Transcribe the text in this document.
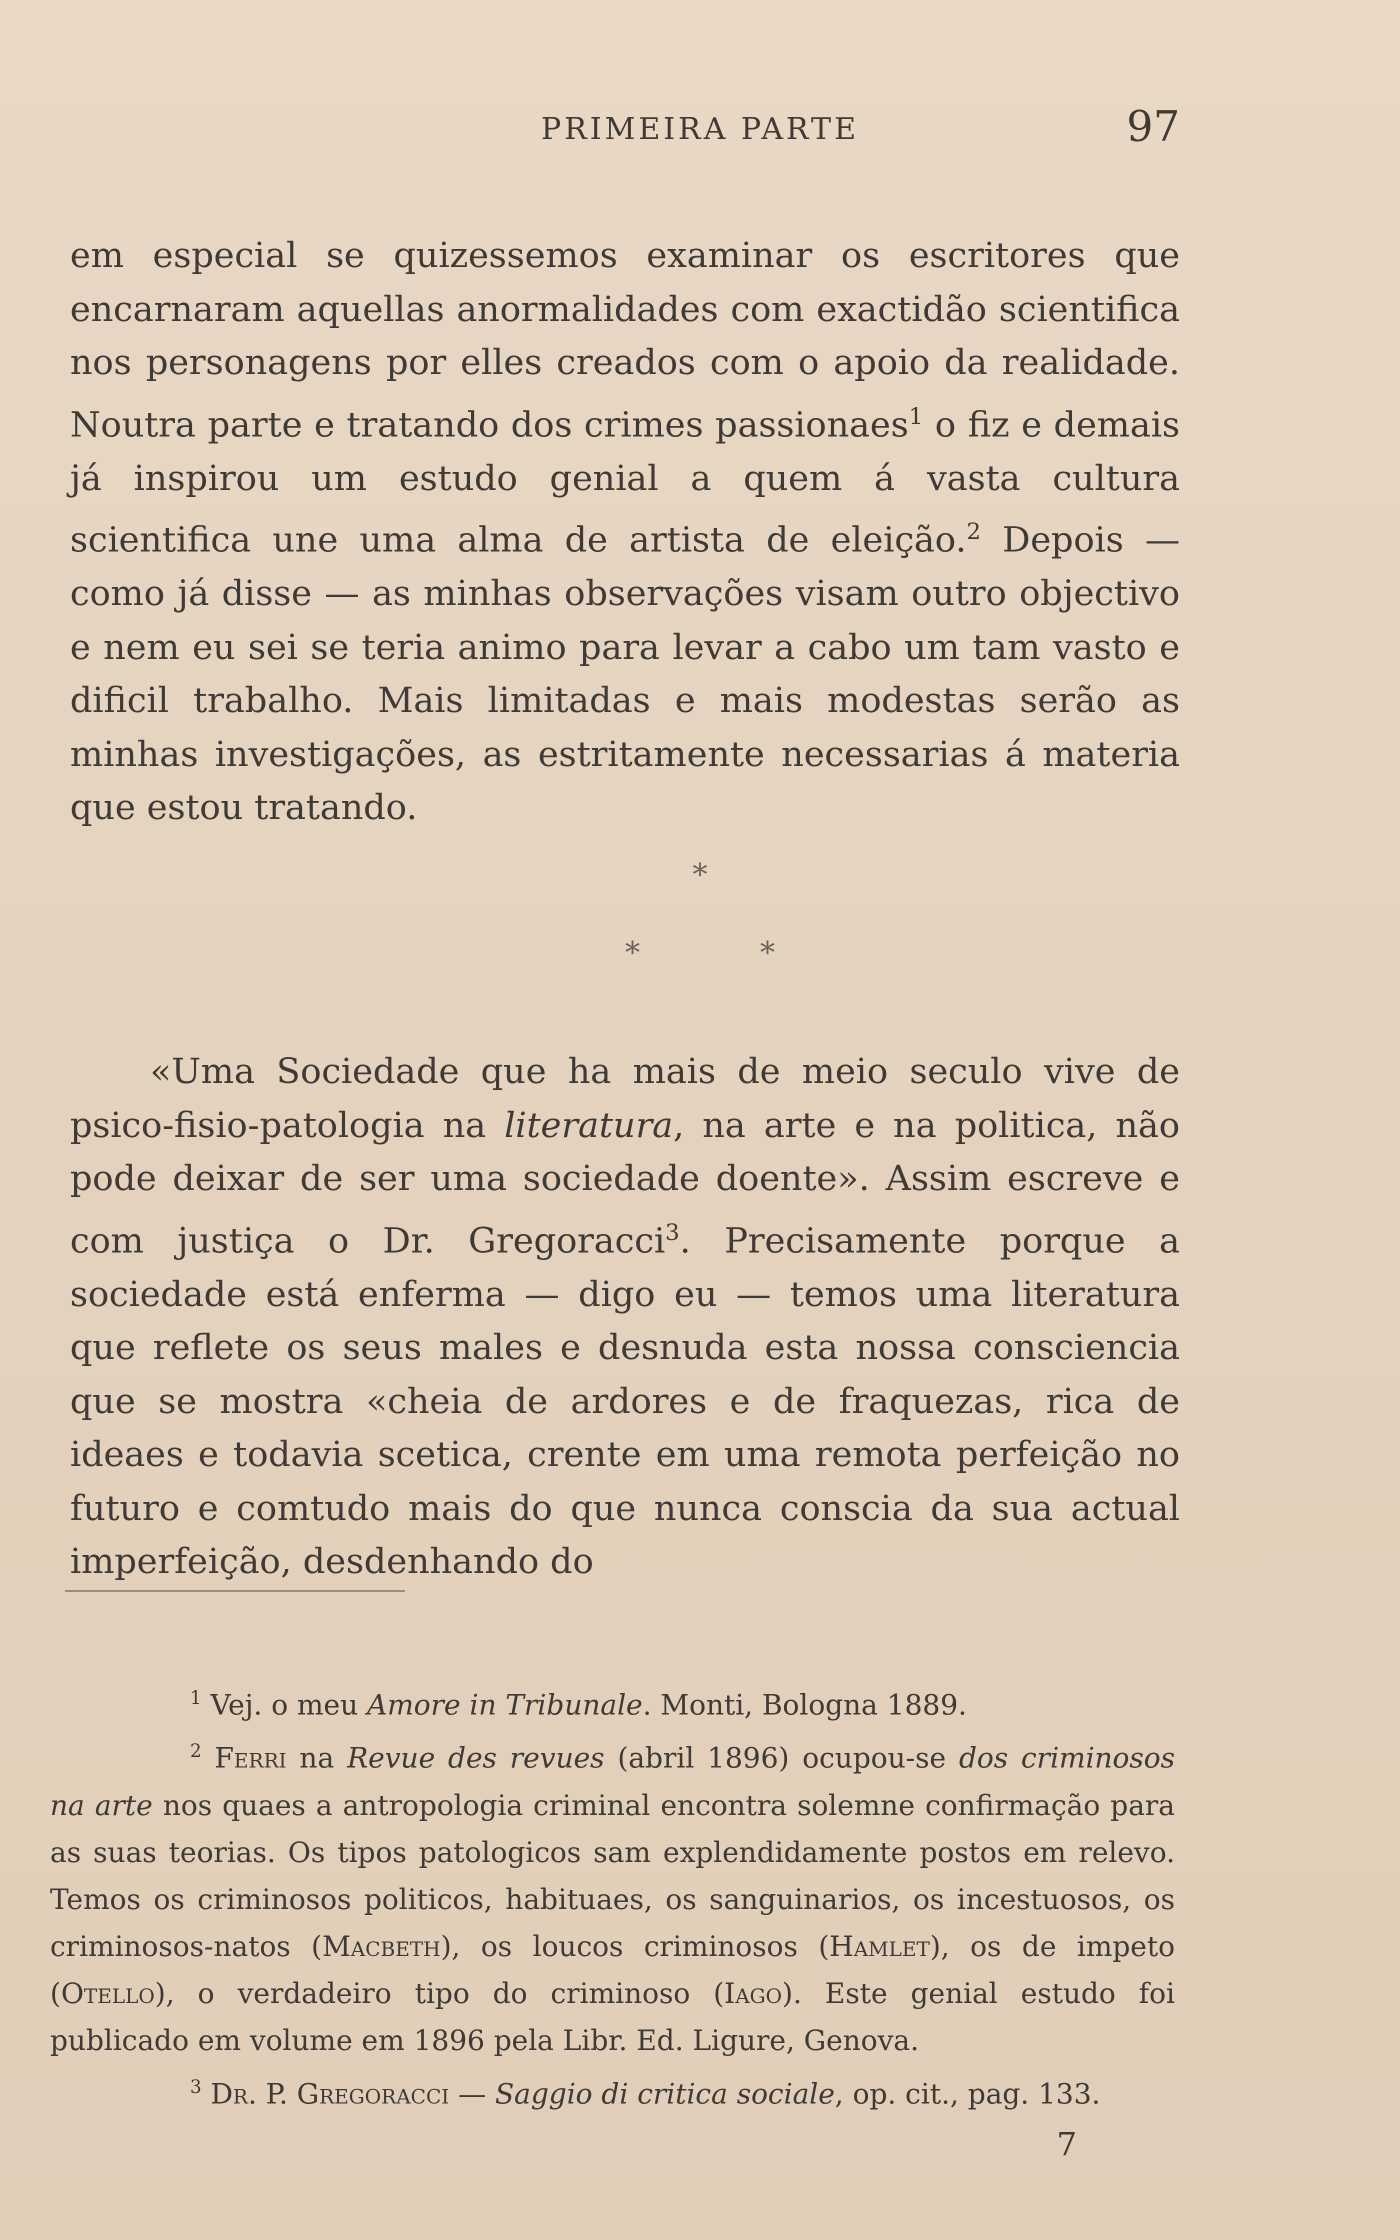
PRIMEIRA PARTE	97

em especial se quizessemos examinar os escritores que encarnaram aquellas anormalidades com exactidão scientifica nos personagens por elles creados com o apoio da realidade. Noutra parte e tratando dos crimes passionaes$^1$ o fiz e demais já inspirou um estudo genial a quem á vasta cultura scientifica une uma alma de artista de eleição.$^2$ Depois — como já disse — as minhas observações visam outro objectivo e nem eu sei se teria animo para levar a cabo um tam vasto e dificil trabalho. Mais limitadas e mais modestas serão as minhas investigações, as estritamente necessarias á materia que estou tratando.

*
*	*

«Uma Sociedade que ha mais de meio seculo vive de psico-fisio-patologia na literatura, na arte e na politica, não pode deixar de ser uma sociedade doente». Assim escreve e com justiça o Dr. Gregoracci$^3$. Precisamente porque a sociedade está enferma — digo eu — temos uma literatura que reflete os seus males e desnuda esta nossa consciencia que se mostra «cheia de ardores e de fraquezas, rica de ideaes e todavia scetica, crente em uma remota perfeição no futuro e comtudo mais do que nunca conscia da sua actual imperfeição, desdenhando do

$^1$ Vej. o meu Amore in Tribunale. Monti, Bologna 1889.

$^2$ Ferri na Revue des revues (abril 1896) ocupou-se dos criminosos na arte nos quaes a antropologia criminal encontra solemne confirmação para as suas teorias. Os tipos patologicos sam explendidamente postos em relevo. Temos os criminosos politicos, habituaes, os sanguinarios, os incestuosos, os criminosos-natos (Macbeth), os loucos criminosos (Hamlet), os de impeto (Otello), o verdadeiro tipo do criminoso (Iago). Este genial estudo foi publicado em volume em 1896 pela Libr. Ed. Ligure, Genova.

$^3$ Dr. P. Gregoracci — Saggio di critica sociale, op. cit., pag. 133.

7
